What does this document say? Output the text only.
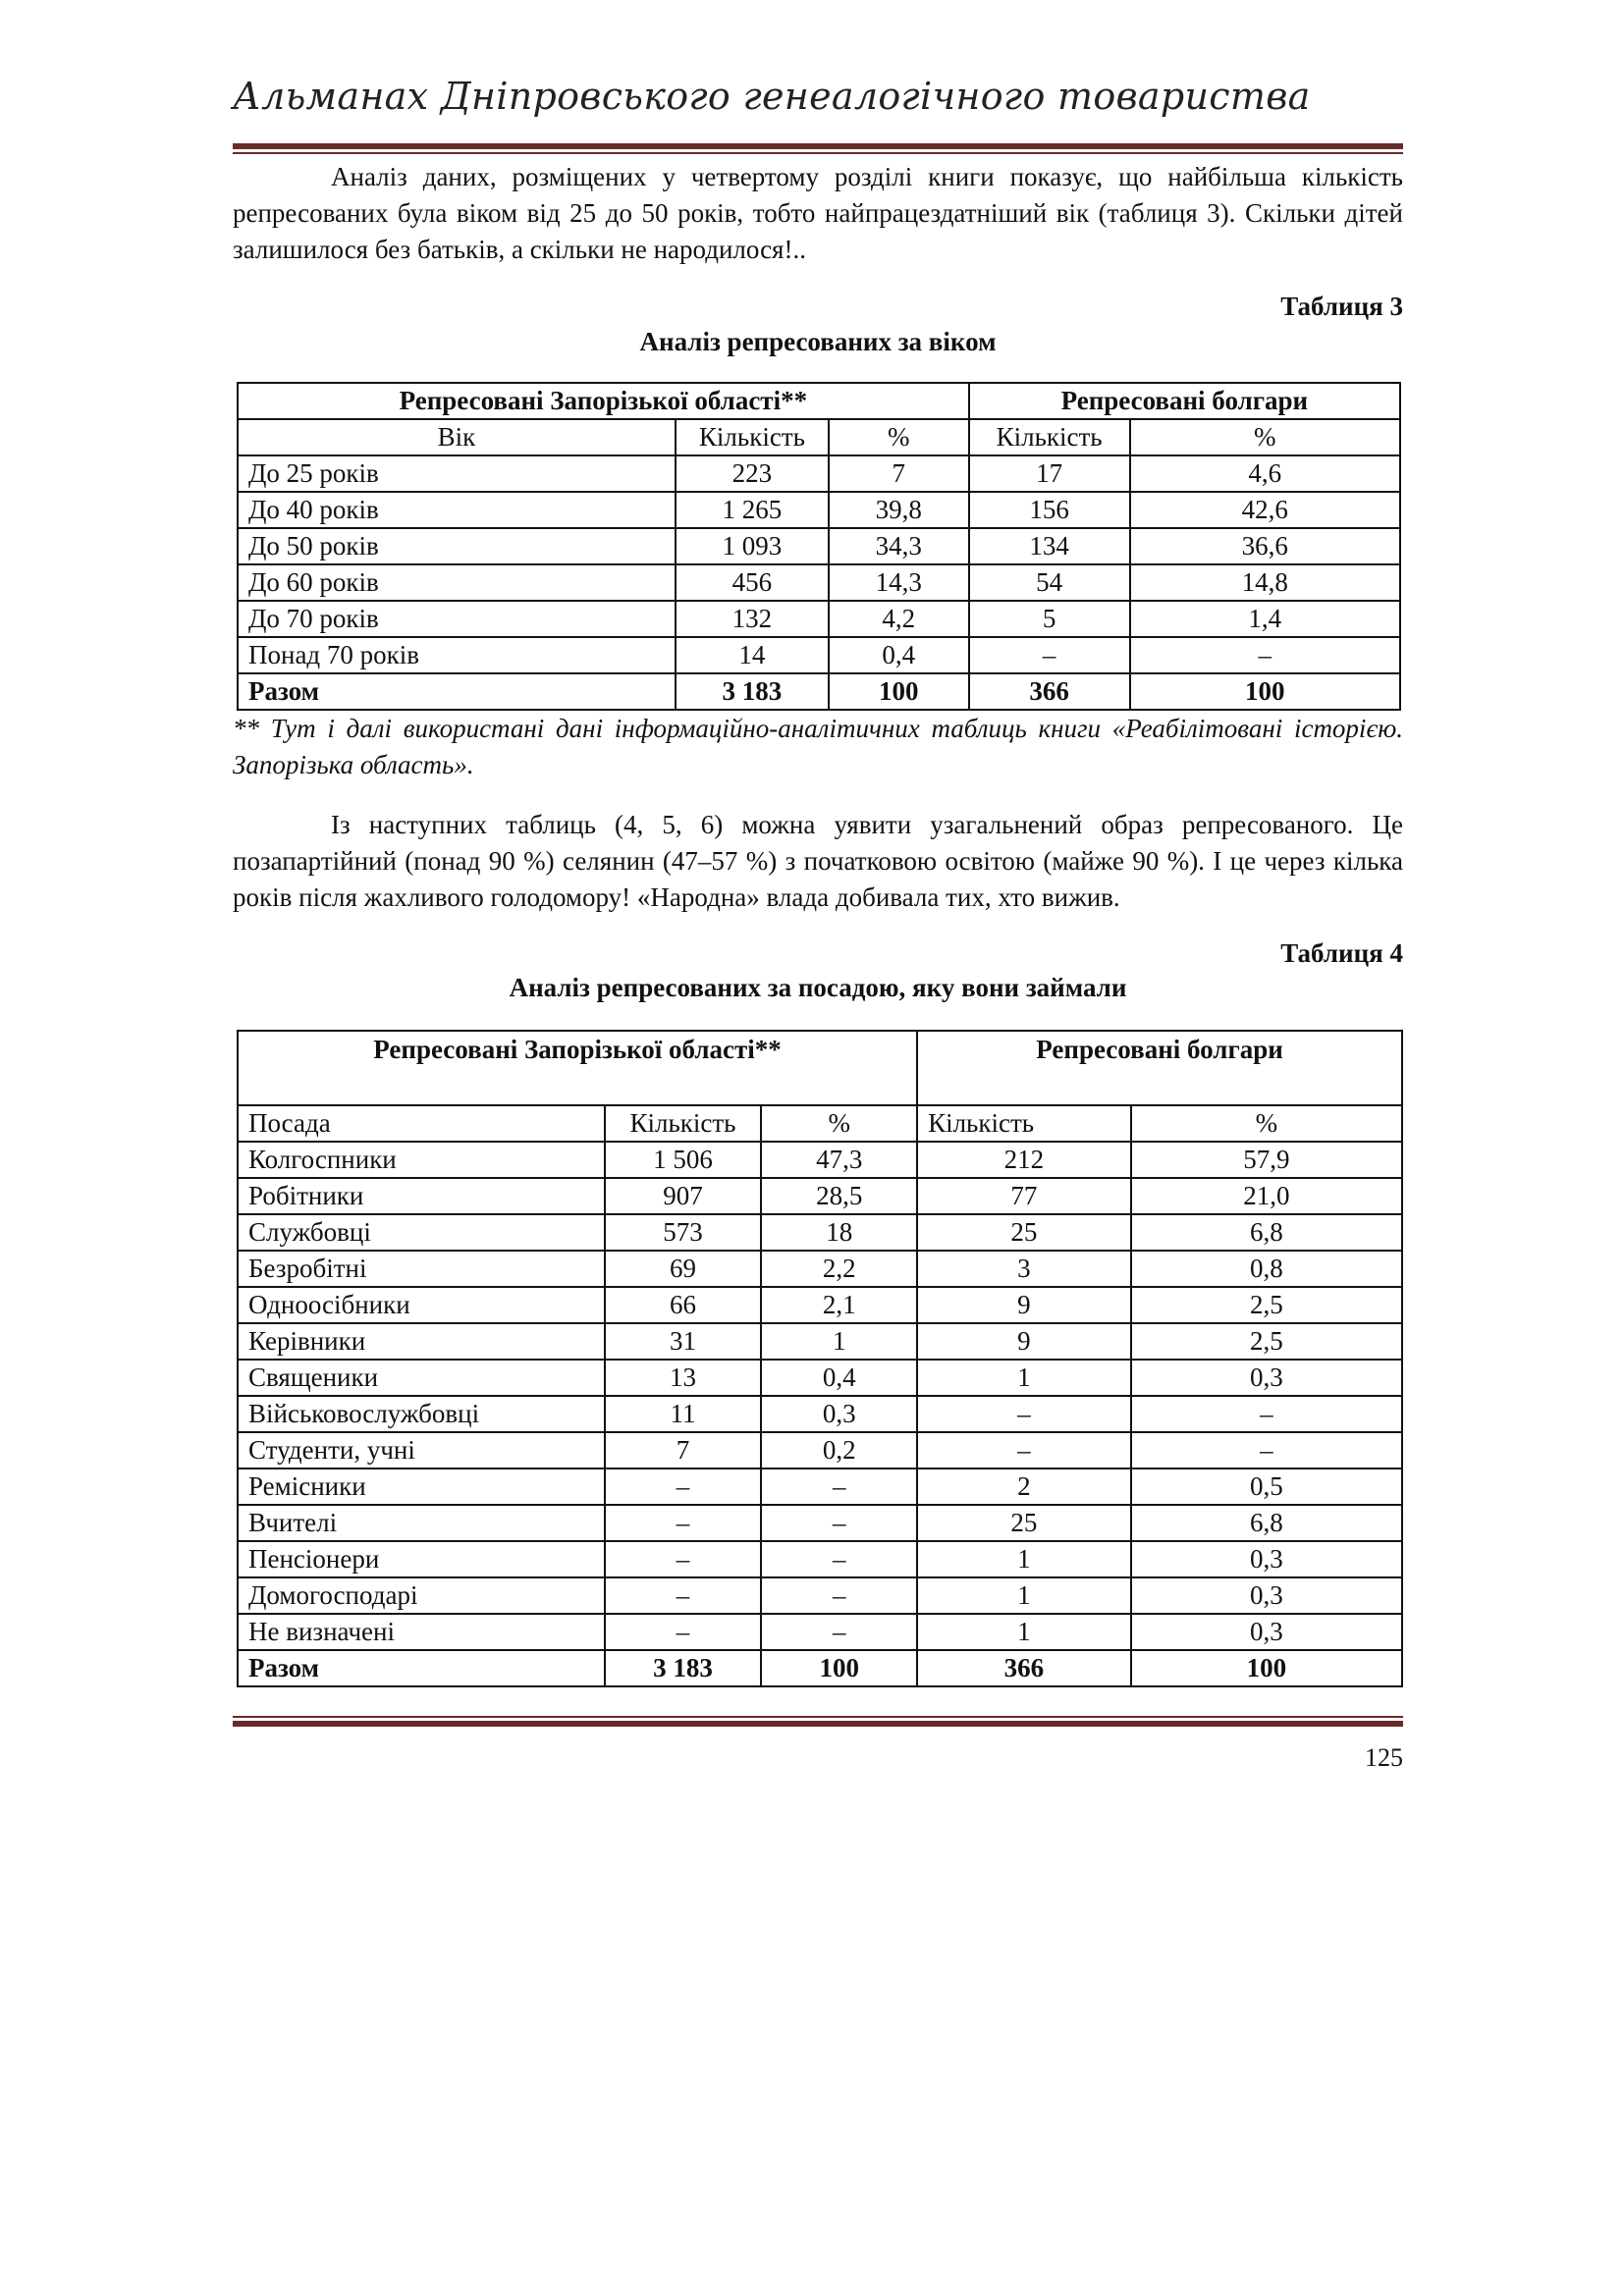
Альманах Дніпровського генеалогічного товариства

Аналіз даних, розміщених у четвертому розділі книги показує, що найбільша кількість репресованих була віком від 25 до 50 років, тобто найпрацездатніший вік (таблиця 3). Скільки дітей залишилося без батьків, а скільки не народилося!..

Таблиця 3
Аналіз репресованих за віком
Репресовані Запорізької області**			Репресовані болгари	
Вік	Кількість	%	Кількість	%
До 25 років	223	7	17	4,6
До 40 років	1 265	39,8	156	42,6
До 50 років	1 093	34,3	134	36,6
До 60 років	456	14,3	54	14,8
До 70 років	132	4,2	5	1,4
Понад 70 років	14	0,4	–	–
Разом	3 183	100	366	100

** Тут і далі використані дані інформаційно-аналітичних таблиць книги «Реабілітовані історією. Запорізька область».

Із наступних таблиць (4, 5, 6) можна уявити узагальнений образ репресованого. Це позапартійний (понад 90 %) селянин (47–57 %) з початковою освітою (майже 90 %). І це через кілька років після жахливого голодомору! «Народна» влада добивала тих, хто вижив.

Таблиця 4
Аналіз репресованих за посадою, яку вони займали
Репресовані Запорізької області**			Репресовані болгари	
Посада	Кількість	%	Кількість	%
Колгоспники	1 506	47,3	212	57,9
Робітники	907	28,5	77	21,0
Службовці	573	18	25	6,8
Безробітні	69	2,2	3	0,8
Одноосібники	66	2,1	9	2,5
Керівники	31	1	9	2,5
Священики	13	0,4	1	0,3
Військовослужбовці	11	0,3	–	–
Студенти, учні	7	0,2	–	–
Ремісники	–	–	2	0,5
Вчителі	–	–	25	6,8
Пенсіонери	–	–	1	0,3
Домогосподарі	–	–	1	0,3
Не визначені	–	–	1	0,3
Разом	3 183	100	366	100
125
